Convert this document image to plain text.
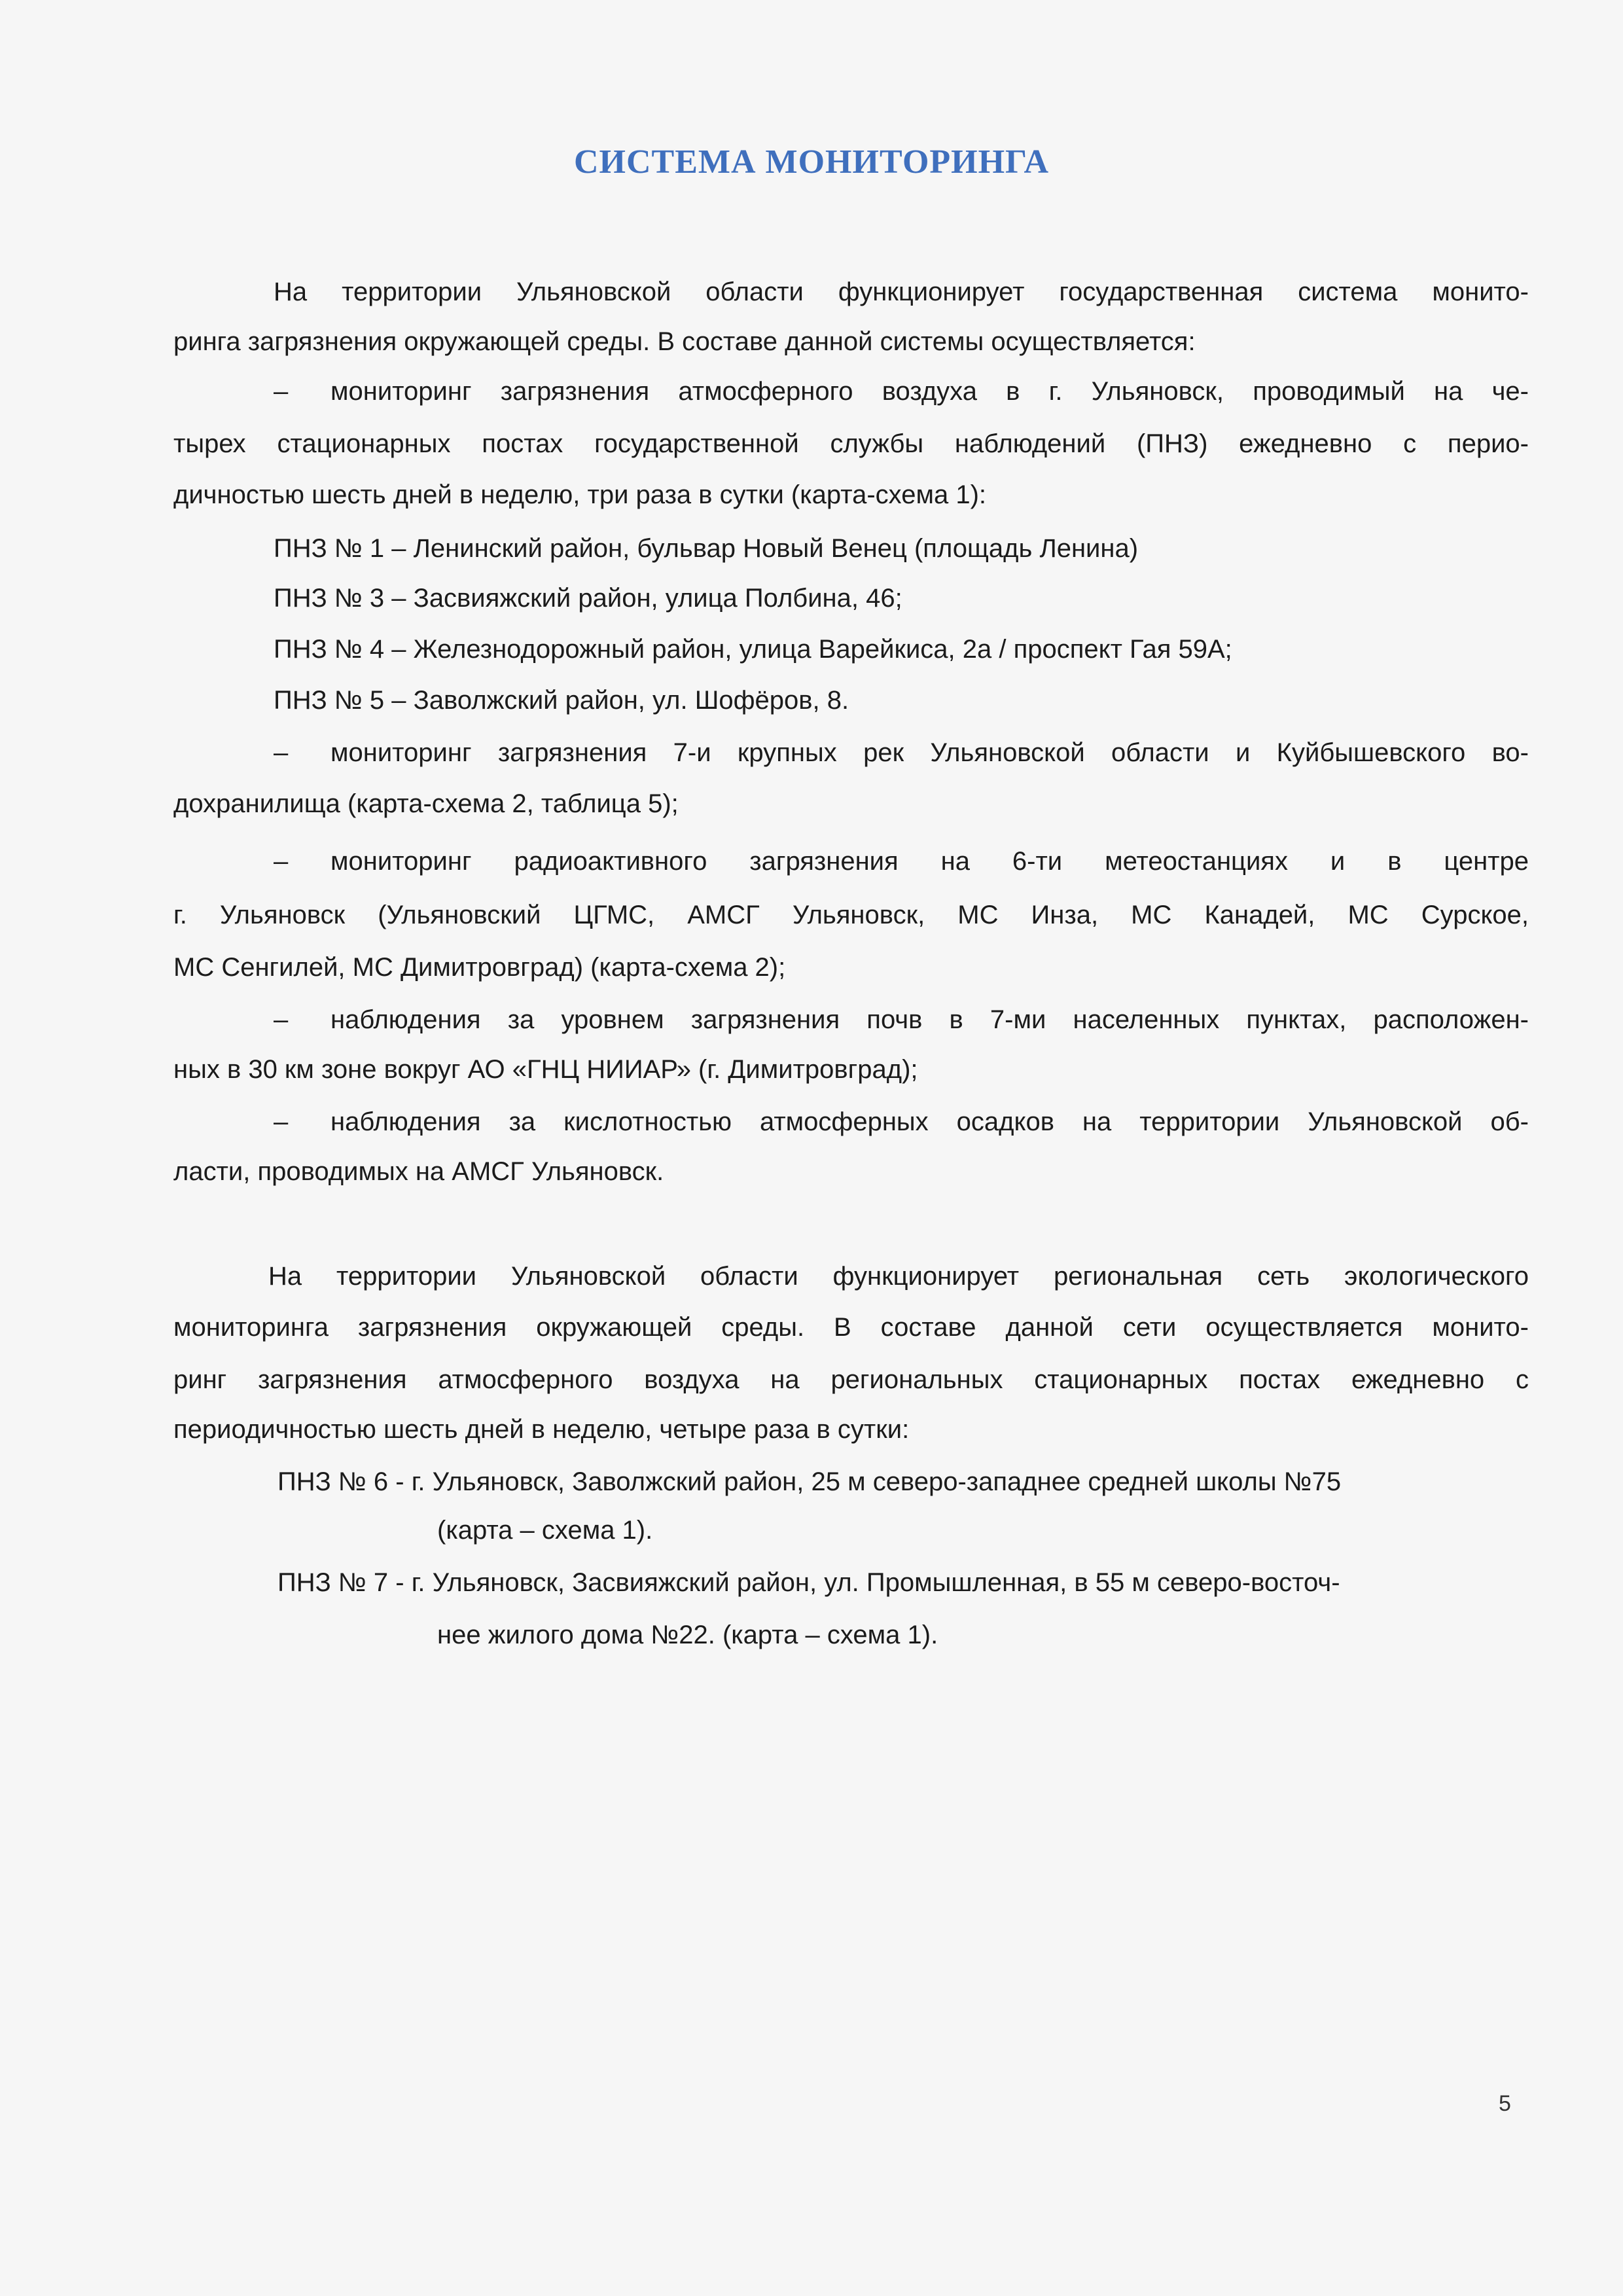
СИСТЕМА МОНИТОРИНГА
На территории Ульяновской области функционирует государственная система монито-
ринга загрязнения окружающей среды. В составе данной системы осуществляется:
– мониторинг загрязнения атмосферного воздуха в г. Ульяновск, проводимый на че-
тырех стационарных постах государственной службы наблюдений (ПНЗ) ежедневно с перио-
дичностью шесть дней в неделю, три раза в сутки (карта-схема 1):
ПНЗ № 1 – Ленинский район, бульвар Новый Венец (площадь Ленина)
ПНЗ № 3 – Засвияжский район, улица Полбина, 46;
ПНЗ № 4 – Железнодорожный район, улица Варейкиса, 2а / проспект Гая 59А;
ПНЗ № 5 – Заволжский район, ул. Шофёров, 8.
– мониторинг загрязнения 7-и крупных рек Ульяновской области и Куйбышевского во-
дохранилища (карта-схема 2, таблица 5);
– мониторинг радиоактивного загрязнения на 6-ти метеостанциях и в центре
г. Ульяновск (Ульяновский ЦГМС, АМСГ Ульяновск, МС Инза, МС Канадей, МС Сурское,
МС Сенгилей, МС Димитровград) (карта-схема 2);
– наблюдения за уровнем загрязнения почв в 7-ми населенных пунктах, расположен-
ных в 30 км зоне вокруг АО «ГНЦ НИИАР» (г. Димитровград);
– наблюдения за кислотностью атмосферных осадков на территории Ульяновской об-
ласти, проводимых на АМСГ Ульяновск.
На территории Ульяновской области функционирует региональная сеть экологического
мониторинга загрязнения окружающей среды. В составе данной сети осуществляется монито-
ринг загрязнения атмосферного воздуха на региональных стационарных постах ежедневно с
периодичностью шесть дней в неделю, четыре раза в сутки:
ПНЗ № 6 - г. Ульяновск, Заволжский район, 25 м северо-западнее средней школы №75
(карта – схема 1).
ПНЗ № 7 - г. Ульяновск, Засвияжский район, ул. Промышленная, в 55 м северо-восточ-
нее жилого дома №22. (карта – схема 1).
5
